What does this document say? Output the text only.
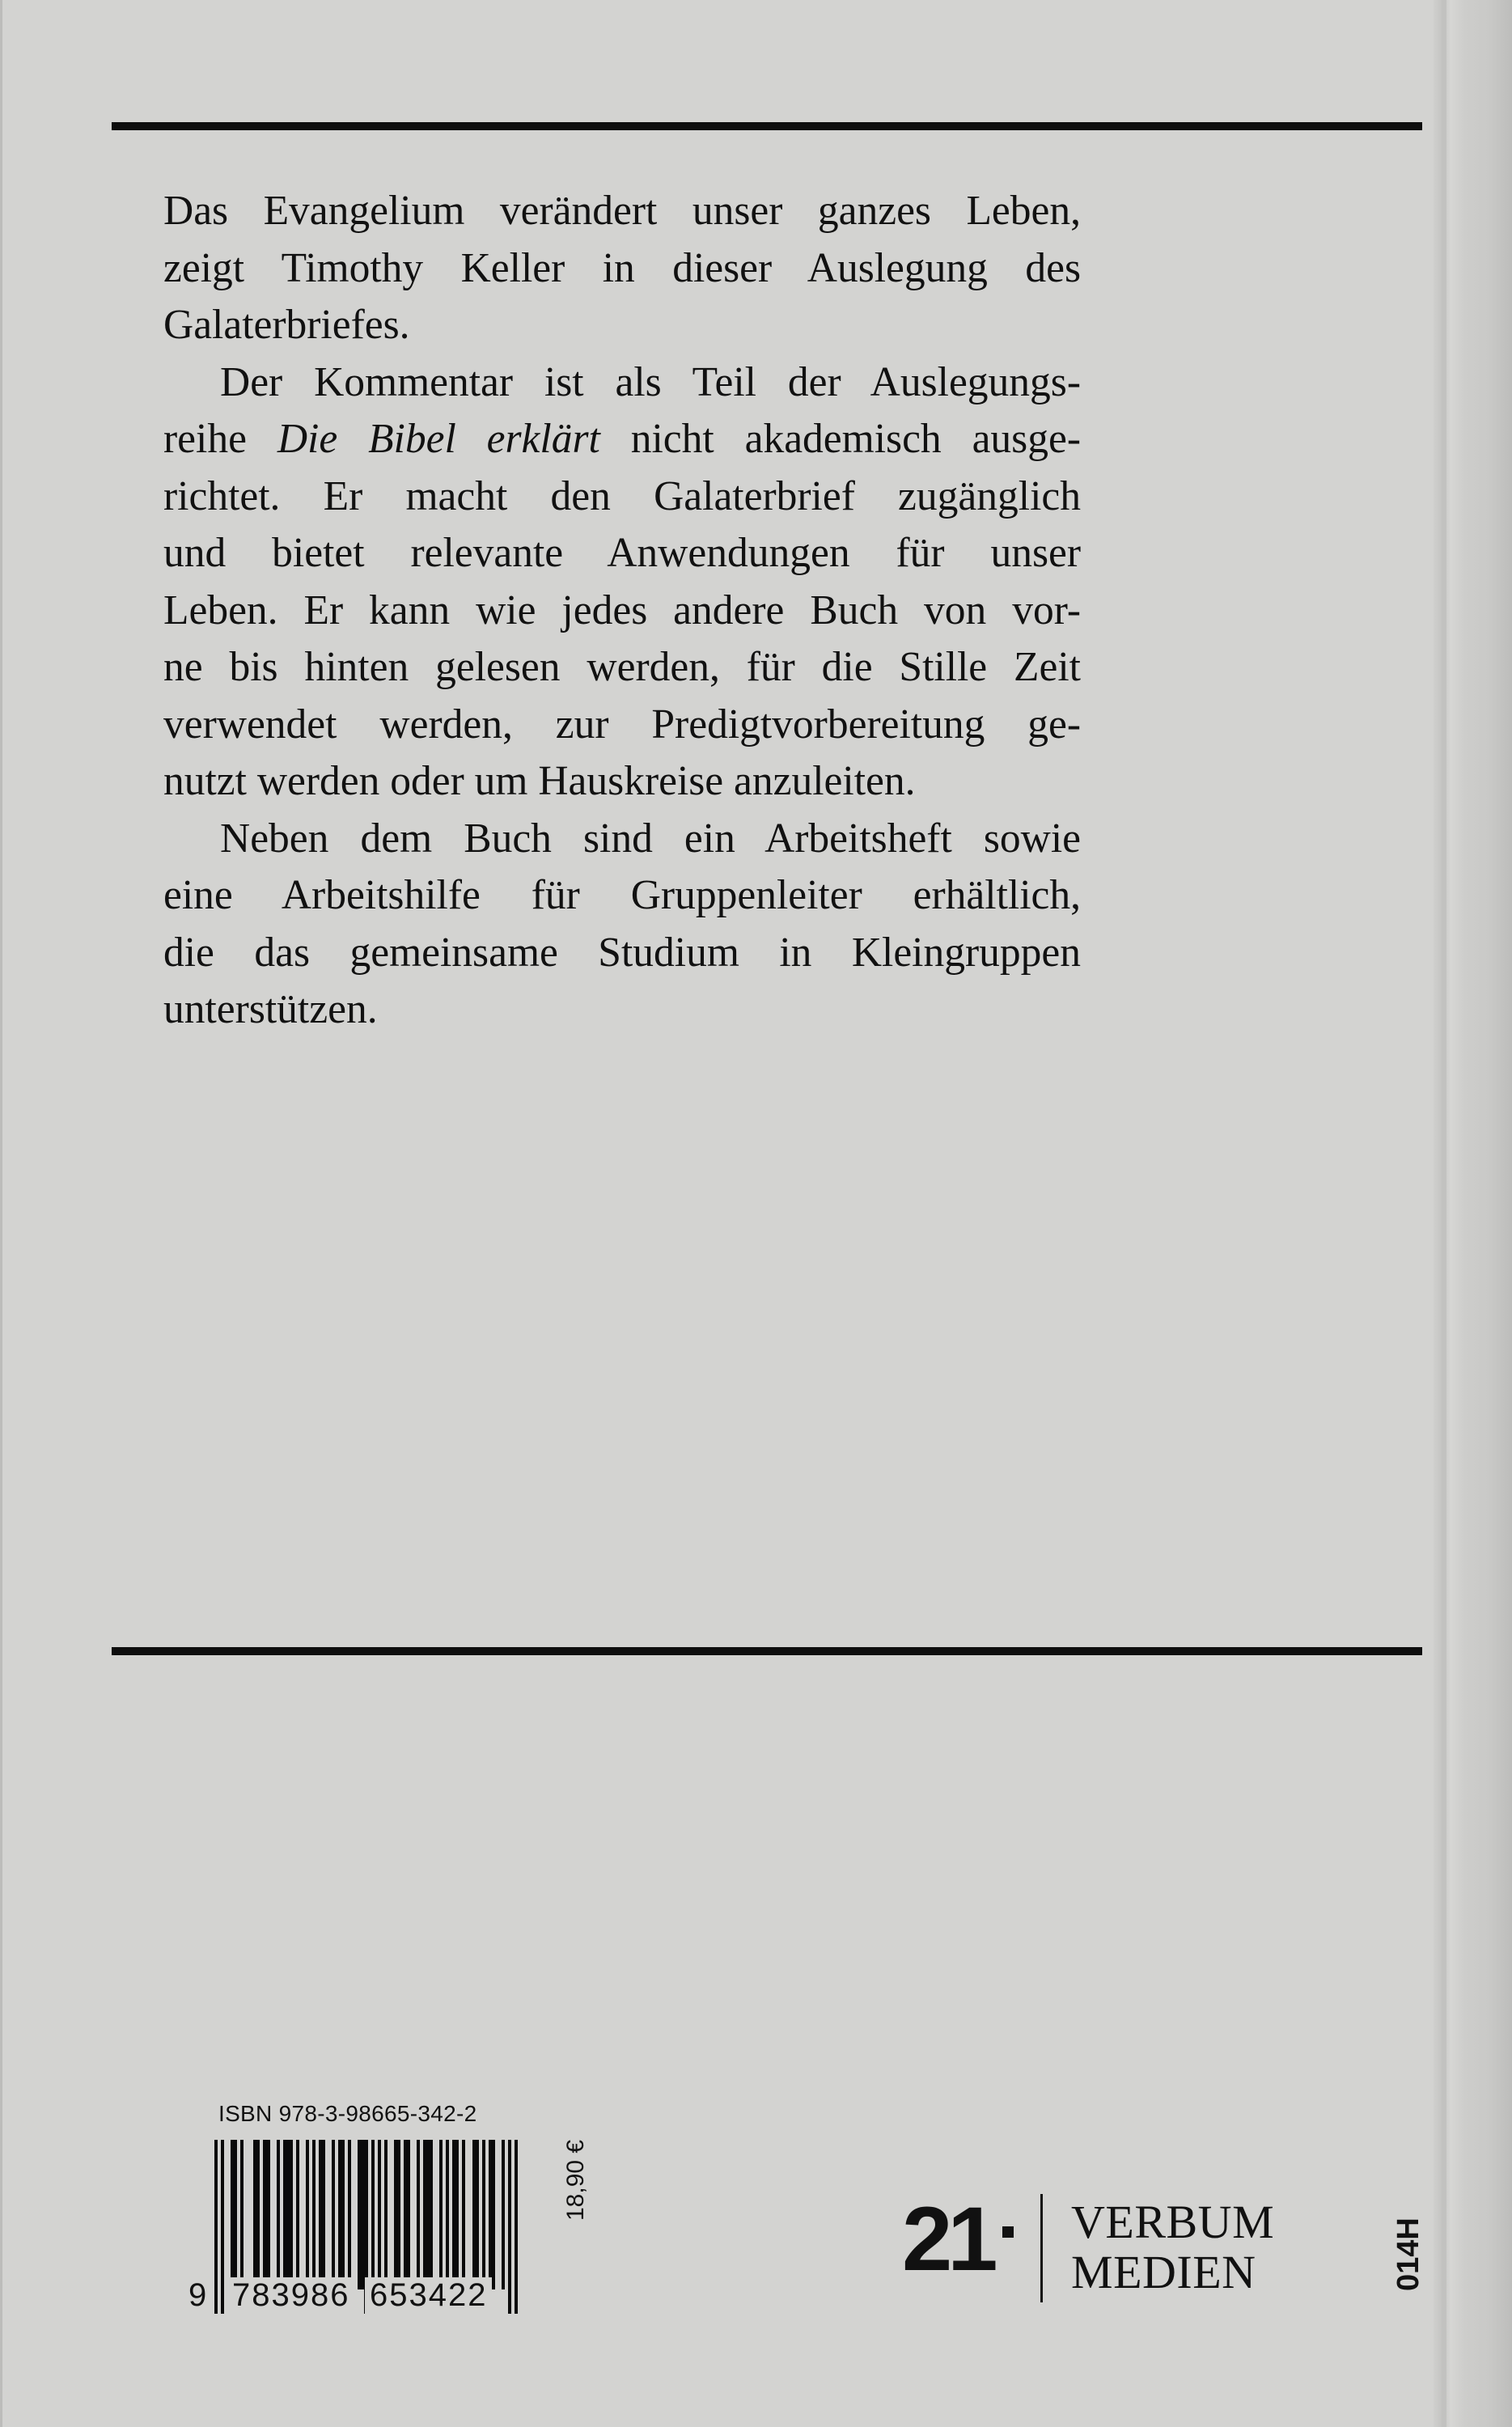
Das Evangelium verändert unser ganzes Leben,
zeigt Timothy Keller in dieser Auslegung des
Galaterbriefes.

Der Kommentar ist als Teil der Auslegungs-
reihe Die Bibel erklärt nicht akademisch ausge-
richtet. Er macht den Galaterbrief zugänglich
und bietet relevante Anwendungen für unser
Leben. Er kann wie jedes andere Buch von vor-
ne bis hinten gelesen werden, für die Stille Zeit
verwendet werden, zur Predigtvorbereitung ge-
nutzt werden oder um Hauskreise anzuleiten.

Neben dem Buch sind ein Arbeitsheft sowie
eine Arbeitshilfe für Gruppenleiter erhältlich,
die das gemeinsame Studium in Kleingruppen
unterstützen.

ISBN 978-3-98665-342-2
9 783986 653422
18,90 €
21 VERBUM
MEDIEN	014H
